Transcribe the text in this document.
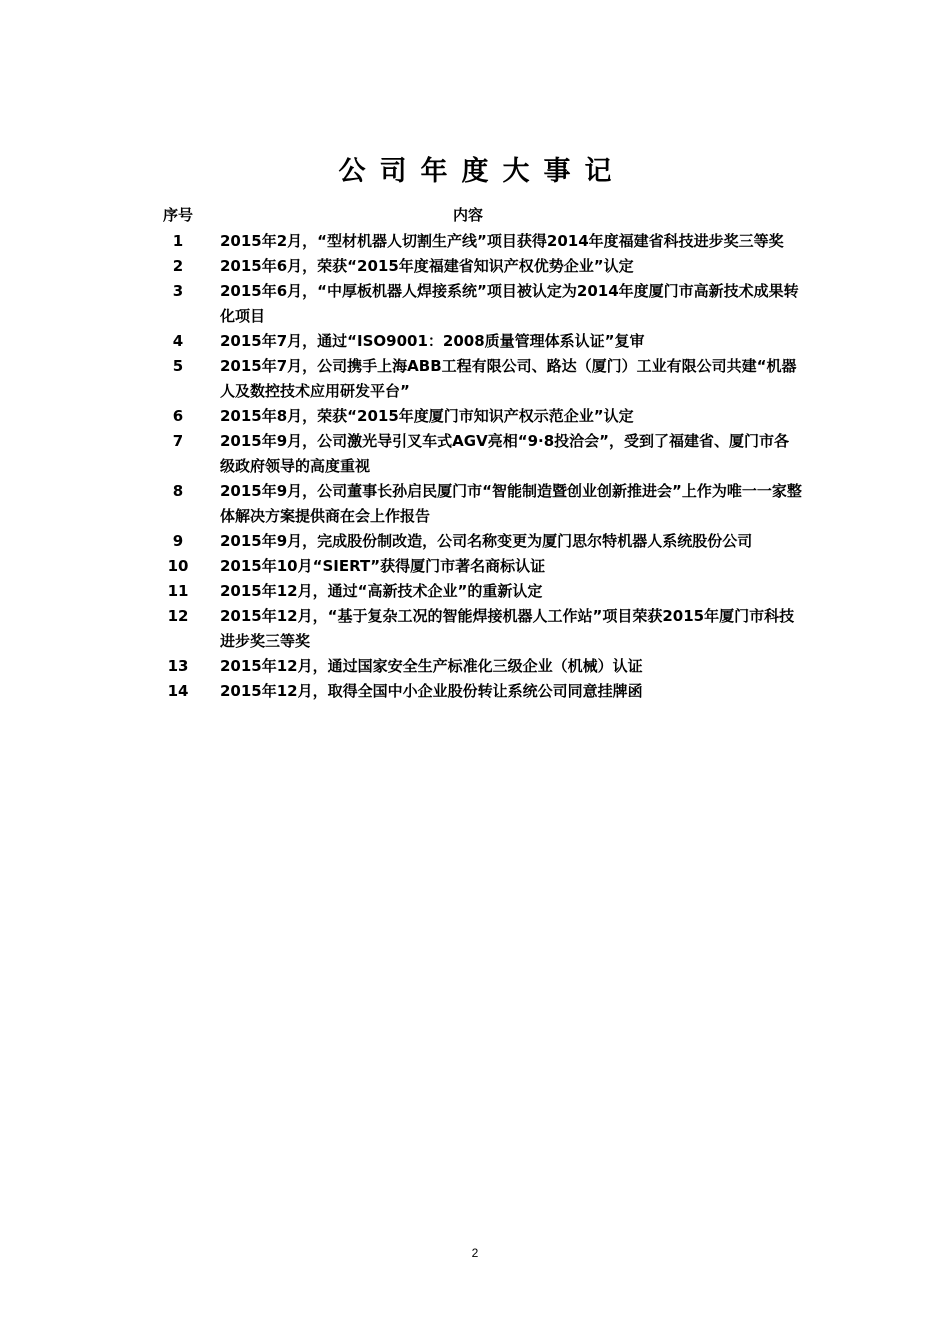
公司年度大事记
序号	内容
1	2015年2月，“型材机器人切割生产线”项目获得2014年度福建省科技进步奖三等奖
2	2015年6月，荣获“2015年度福建省知识产权优势企业”认定
3	2015年6月，“中厚板机器人焊接系统”项目被认定为2014年度厦门市高新技术成果转化项目
4	2015年7月，通过“ISO9001：2008质量管理体系认证”复审
5	2015年7月，公司携手上海ABB工程有限公司、路达（厦门）工业有限公司共建“机器人及数控技术应用研发平台”
6	2015年8月，荣获“2015年度厦门市知识产权示范企业”认定
7	2015年9月，公司激光导引叉车式AGV亮相“9·8投洽会”，受到了福建省、厦门市各级政府领导的高度重视
8	2015年9月，公司董事长孙启民厦门市“智能制造暨创业创新推进会”上作为唯一一家整体解决方案提供商在会上作报告
9	2015年9月，完成股份制改造，公司名称变更为厦门思尔特机器人系统股份公司
10	2015年10月“SIERT”获得厦门市著名商标认证
11	2015年12月，通过“高新技术企业”的重新认定
12	2015年12月，“基于复杂工况的智能焊接机器人工作站”项目荣获2015年厦门市科技进步奖三等奖
13	2015年12月，通过国家安全生产标准化三级企业（机械）认证
14	2015年12月，取得全国中小企业股份转让系统公司同意挂牌函
2
